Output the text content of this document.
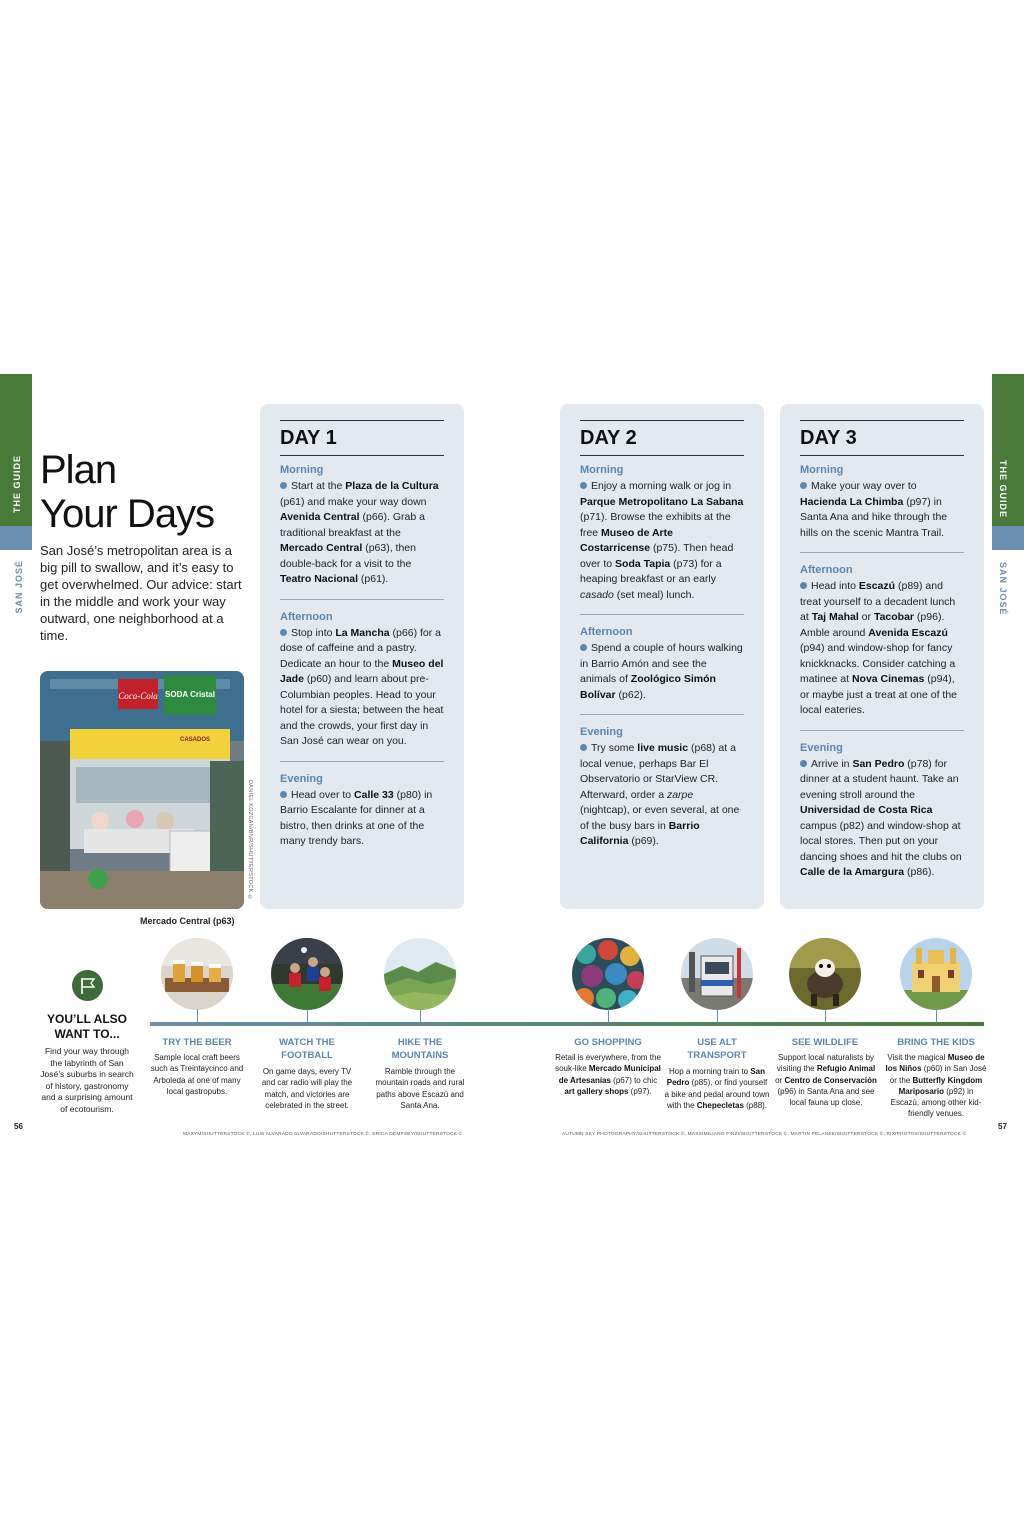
THE GUIDE
SAN JOSÉ
THE GUIDE
SAN JOSÉ
Plan
Your Days

San José’s metropolitan area is a big pill to swallow, and it’s easy to get overwhelmed. Our advice: start in the middle and work your way outward, one neighborhood at a time.

Coca-Cola SODA Cristal
CASADOS
DANIEL KOZCAN/BNR/SHUTTERSTOCK ©
Mercado Central (p63)
DAY 1
Morning
Start at the Plaza de la Cultura (p61) and make your way down Avenida Central (p66). Grab a traditional breakfast at the Mercado Central (p63), then double-back for a visit to the Teatro Nacional (p61).
Afternoon
Stop into La Mancha (p66) for a dose of caffeine and a pastry. Dedicate an hour to the Museo del Jade (p60) and learn about pre-Columbian peoples. Head to your hotel for a siesta; between the heat and the crowds, your first day in San José can wear on you.
Evening
Head over to Calle 33 (p80) in Barrio Escalante for dinner at a bistro, then drinks at one of the many trendy bars.
DAY 2
Morning
Enjoy a morning walk or jog in Parque Metropolitano La Sabana (p71). Browse the exhibits at the free Museo de Arte Costarricense (p75). Then head over to Soda Tapia (p73) for a heaping breakfast or an early casado (set meal) lunch.
Afternoon
Spend a couple of hours walking in Barrio Amón and see the animals of Zoológico Simón Bolívar (p62).
Evening
Try some live music (p68) at a local venue, perhaps Bar El Observatorio or StarView CR. Afterward, order a zarpe (nightcap), or even several, at one of the busy bars in Barrio California (p69).
DAY 3
Morning
Make your way over to Hacienda La Chimba (p97) in Santa Ana and hike through the hills on the scenic Mantra Trail.
Afternoon
Head into Escazú (p89) and treat yourself to a decadent lunch at Taj Mahal or Tacobar (p96). Amble around Avenida Escazú (p94) and window-shop for fancy knickknacks. Consider catching a matinee at Nova Cinemas (p94), or maybe just a treat at one of the local eateries.
Evening
Arrive in San Pedro (p78) for dinner at a student haunt. Take an evening stroll around the Universidad de Costa Rica campus (p82) and window-shop at local stores. Then put on your dancing shoes and hit the clubs on Calle de la Amargura (p86).
YOU’LL ALSO
WANT TO...

Find your way through the labyrinth of San José’s suburbs in search of history, gastronomy and a surprising amount of ecotourism.

TRY THE BEER
Sample local craft beers such as Treintaycinco and Arboleda at one of many local gastropubs.
WATCH THE FOOTBALL
On game days, every TV and car radio will play the match, and victories are celebrated in the street.
HIKE THE MOUNTAINS
Ramble through the mountain roads and rural paths above Escazú and Santa Ana.
GO SHOPPING
Retail is everywhere, from the souk-like Mercado Municipal de Artesanías (p67) to chic art gallery shops (p97).
USE ALT TRANSPORT
Hop a morning train to San Pedro (p85), or find yourself a bike and pedal around town with the Chepecletas (p88).
SEE WILDLIFE
Support local naturalists by visiting the Refugio Animal or Centro de Conservación (p96) in Santa Ana and see local fauna up close.
BRING THE KIDS
Visit the magical Museo de los Niños (p60) in San José or the Butterfly Kingdom Mariposario (p92) in Escazú, among other kid-friendly venues.
56	57
MAXYM/SHUTTERSTOCK ©, LUIS ALVARADO ALVARADO/SHUTTERSTOCK ©, ERICA DEMPSEY/SHUTTERSTOCK ©	AUTUMN SKY PHOTOGRAPHY/SHUTTERSTOCK ©, MASSIMILIANO FINZI/SHUTTERSTOCK ©, MARTIN PELANEK/SHUTTERSTOCK ©, RIXIPHOTOS/SHUTTERSTOCK ©
